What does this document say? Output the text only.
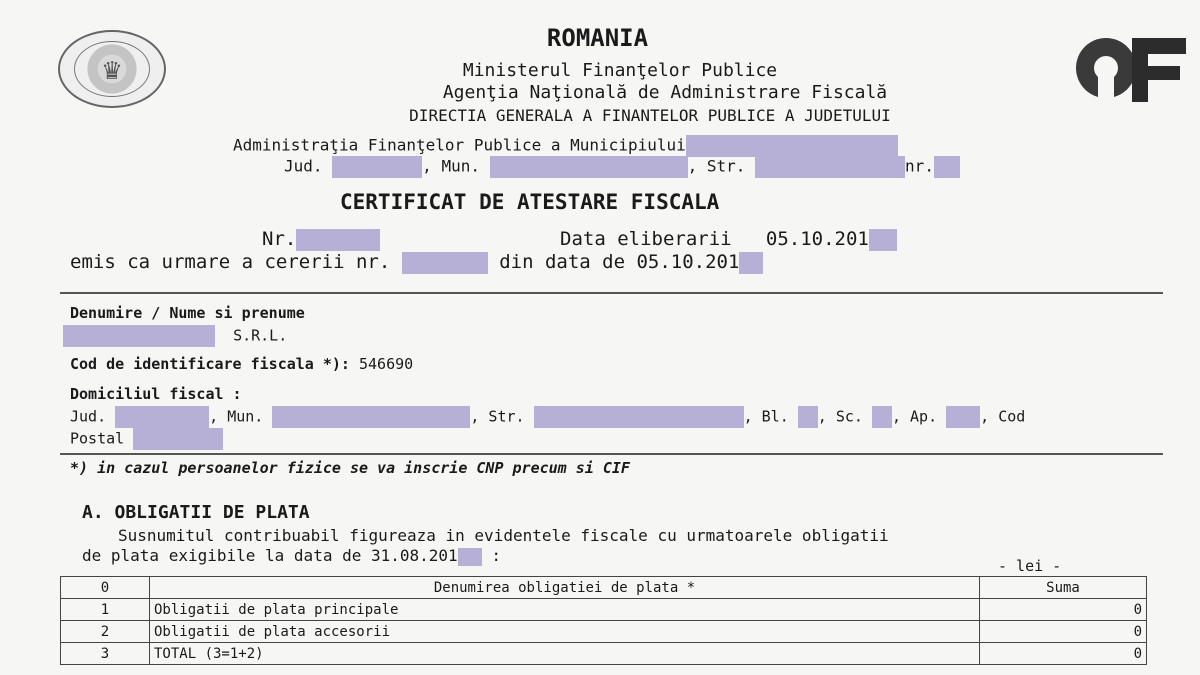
♛
ROMANIA
Ministerul Finanţelor Publice
Agenţia Naţională de Administrare Fiscală
DIRECTIA GENERALA A FINANTELOR PUBLICE A JUDETULUI
Administraţia Finanţelor Publice a Municipiului
Jud.	, Mun.	, Str.	nr.
CERTIFICAT DE ATESTARE FISCALA
Nr.	Data eliberarii 05.10.201
emis ca urmare a cererii nr.	din data de 05.10.201
Denumire / Nume si prenume
S.R.L.
Cod de identificare fiscala *): 546690
Domiciliul fiscal :
Jud.	, Mun.	, Str.	, Bl. , Sc. , Ap.	, Cod
Postal
*) in cazul persoanelor fizice se va inscrie CNP precum si CIF
A. OBLIGATII DE PLATA
Susnumitul contribuabil figureaza in evidentele fiscale cu urmatoarele obligatii
de plata exigibile la data de 31.08.201 :
- lei -
0	Denumirea obligatiei de plata *	Suma
1	Obligatii de plata principale	0
2	Obligatii de plata accesorii	0
3	TOTAL (3=1+2)	0
